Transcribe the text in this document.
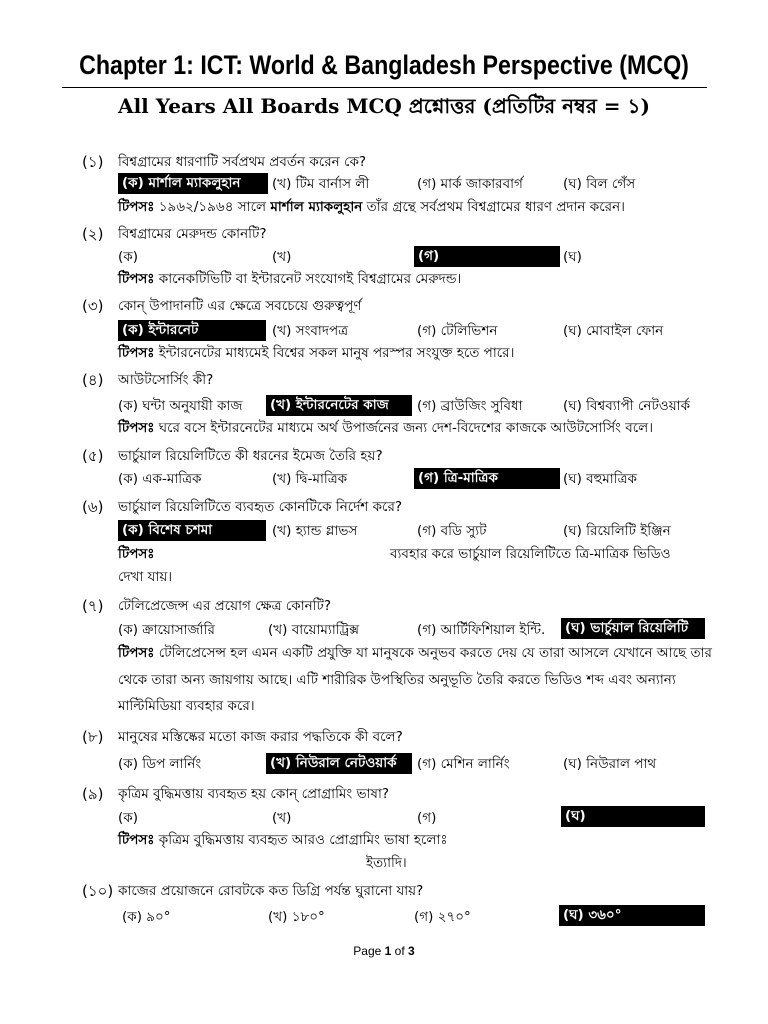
Chapter 1: ICT: World & Bangladesh Perspective (MCQ)
All Years All Boards MCQ প্রশ্নোত্তর (প্রতিটির নম্বর = ১)
(১) বিশ্বগ্রামের ধারণাটি সর্বপ্রথম প্রবর্তন করেন কে?
(ক) মার্শাল ম্যাকলুহান	(খ) টিম বার্নাস লী	(গ) মার্ক জাকারবার্গ	(ঘ) বিল গেঁস
টিপসঃ ১৯৬২/১৯৬৪ সালে মার্শাল ম্যাকলুহান তাঁর গ্রন্থে সর্বপ্রথম বিশ্বগ্রামের ধারণ প্রদান করেন।
(২) বিশ্বগ্রামের মেরুদন্ড কোনটি?
(ক)	(খ)	(গ)	(ঘ)
টিপসঃ কানেকটিভিটি বা ইন্টারনেট সংযোগই বিশ্বগ্রামের মেরুদন্ড।
(৩) কোন্ উপাদানটি এর ক্ষেত্রে সবচেয়ে গুরুত্বপূর্ণ
(ক) ইন্টারনেট	(খ) সংবাদপত্র	(গ) টেলিভিশন	(ঘ) মোবাইল ফোন
টিপসঃ ইন্টারনেটের মাধ্যমেই বিশ্বের সকল মানুষ পরস্পর সংযুক্ত হতে পারে।
(৪) আউটসোর্সিং কী?
(ক) ঘন্টা অনুযায়ী কাজ (খ) ইন্টারনেটের কাজ	(গ) ব্রাউজিং সুবিধা	(ঘ) বিশ্বব্যাপী নেটওয়ার্ক
টিপসঃ ঘরে বসে ইন্টারনেটের মাধ্যমে অর্থ উপার্জনের জন্য দেশ-বিদেশের কাজকে আউটসোর্সিং বলে।
(৫) ভার্চুয়াল রিয়েলিটিতে কী ধরনের ইমেজ তৈরি হয়?
(ক) এক-মাত্রিক	(খ) দ্বি-মাত্রিক	(গ) ত্রি-মাত্রিক	(ঘ) বহুমাত্রিক
(৬) ভার্চুয়াল রিয়েলিটিতে ব্যবহৃত কোনটিকে নির্দেশ করে?
(ক) বিশেষ চশমা	(খ) হ্যান্ড গ্লাভস	(গ) বডি স্যুট	(ঘ) রিয়েলিটি ইঞ্জিন
টিপসঃ	ব্যবহার করে ভার্চুয়াল রিয়েলিটিতে ত্রি-মাত্রিক ভিডিও
দেখা যায়।
(৭) টেলিপ্রেজেন্স এর প্রয়োগ ক্ষেত্র কোনটি?
(ক) ক্রায়োসার্জারি	(খ) বায়োম্যাট্রিক্স	(গ) আর্টিফিশিয়াল ইন্টি. (ঘ) ভার্চুয়াল রিয়েলিটি
টিপসঃ টেলিপ্রেসেন্স হল এমন একটি প্রযুক্তি যা মানুষকে অনুভব করতে দেয় যে তারা আসলে যেখানে আছে তার
থেকে তারা অন্য জায়গায় আছে। এটি শারীরিক উপস্থিতির অনুভূতি তৈরি করতে ভিডিও শব্দ এবং অন্যান্য
মাল্টিমিডিয়া ব্যবহার করে।
(৮) মানুষের মস্তিষ্কের মতো কাজ করার পদ্ধতিকে কী বলে?
(ক) ডিপ লার্নিং	(খ) নিউরাল নেটওয়ার্ক	(গ) মেশিন লার্নিং	(ঘ) নিউরাল পাথ
(৯) কৃত্রিম বুদ্ধিমত্তায় ব্যবহৃত হয় কোন্ প্রোগ্রামিং ভাষা?
(ক)	(খ)	(গ)	(ঘ)
টিপসঃ কৃত্রিম বুদ্ধিমত্তায় ব্যবহৃত আরও প্রোগ্রামিং ভাষা হলোঃ
ইত্যাদি।
(১০) কাজের প্রয়োজনে রোবটকে কত ডিগ্রি পর্যন্ত ঘুরানো যায়?
(ক) ৯০°	(খ) ১৮০°	(গ) ২৭০°	(ঘ) ৩৬০°
Page 1 of 3
